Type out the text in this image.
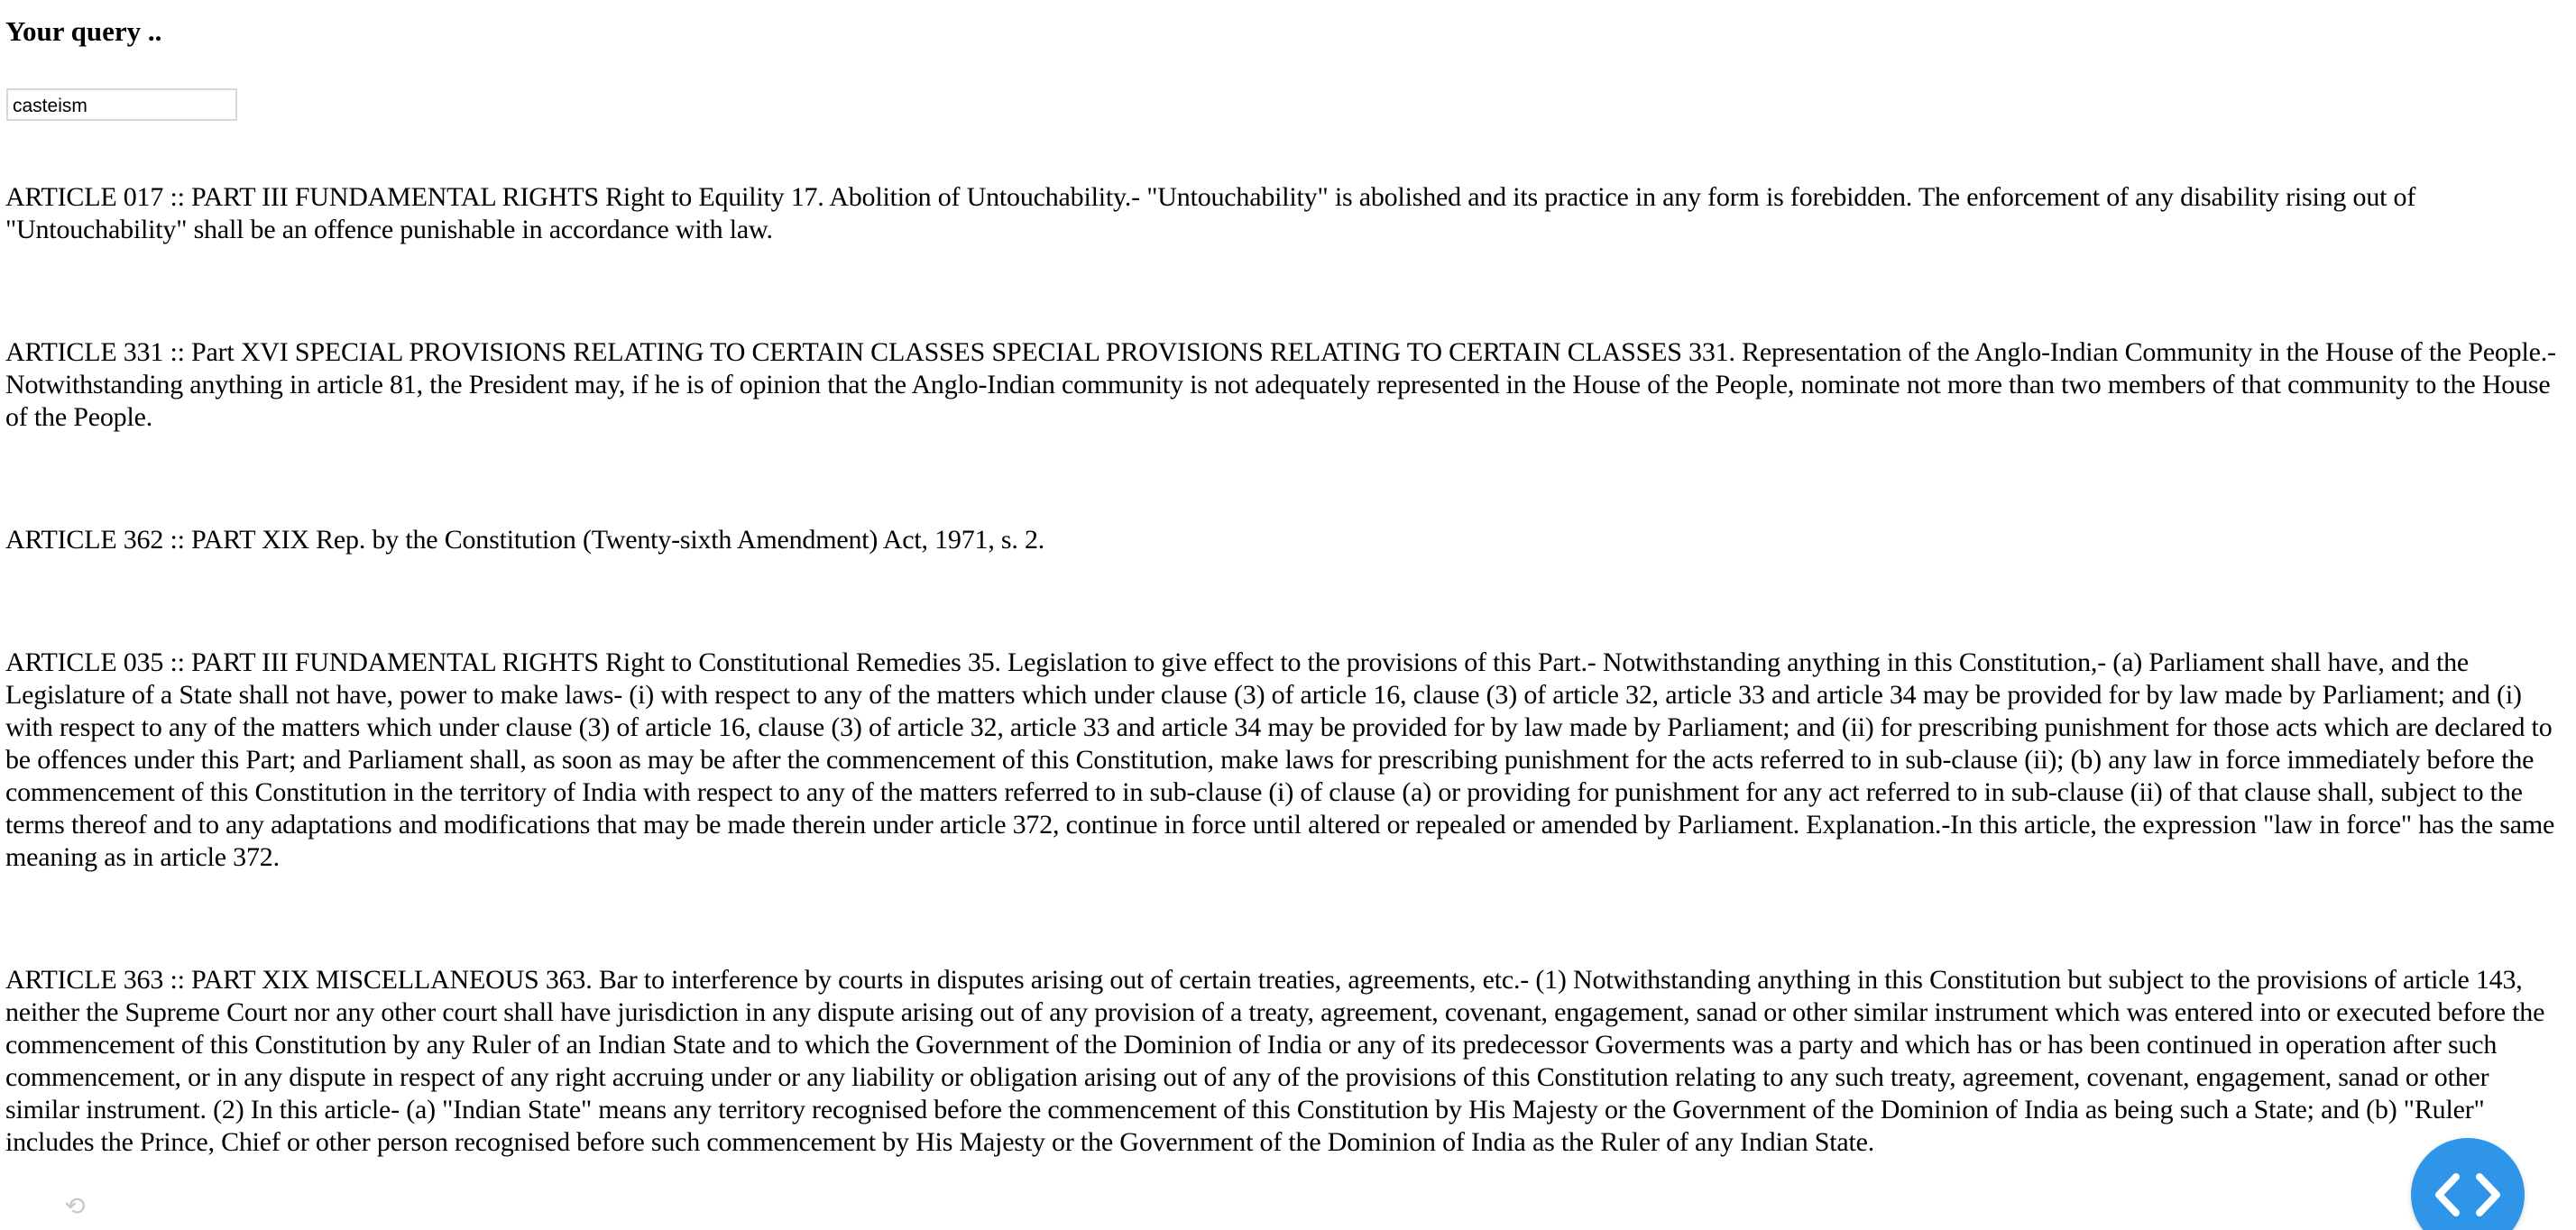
Your query ..
casteism

ARTICLE 017 :: PART III FUNDAMENTAL RIGHTS Right to Equility 17. Abolition of Untouchability.- "Untouchability" is abolished and its practice in any form is forebidden. The enforcement of any disability rising out of "Untouchability" shall be an offence punishable in accordance with law.

ARTICLE 331 :: Part XVI SPECIAL PROVISIONS RELATING TO CERTAIN CLASSES SPECIAL PROVISIONS RELATING TO CERTAIN CLASSES 331. Representation of the Anglo-Indian Community in the House of the People.- Notwithstanding anything in article 81, the President may, if he is of opinion that the Anglo-Indian community is not adequately represented in the House of the People, nominate not more than two members of that community to the House of the People.

ARTICLE 362 :: PART XIX Rep. by the Constitution (Twenty-sixth Amendment) Act, 1971, s. 2.

ARTICLE 035 :: PART III FUNDAMENTAL RIGHTS Right to Constitutional Remedies 35. Legislation to give effect to the provisions of this Part.- Notwithstanding anything in this Constitution,- (a) Parliament shall have, and the Legislature of a State shall not have, power to make laws- (i) with respect to any of the matters which under clause (3) of article 16, clause (3) of article 32, article 33 and article 34 may be provided for by law made by Parliament; and (i) with respect to any of the matters which under clause (3) of article 16, clause (3) of article 32, article 33 and article 34 may be provided for by law made by Parliament; and (ii) for prescribing punishment for those acts which are declared to be offences under this Part; and Parliament shall, as soon as may be after the commencement of this Constitution, make laws for prescribing punishment for the acts referred to in sub-clause (ii); (b) any law in force immediately before the commencement of this Constitution in the territory of India with respect to any of the matters referred to in sub-clause (i) of clause (a) or providing for punishment for any act referred to in sub-clause (ii) of that clause shall, subject to the terms thereof and to any adaptations and modifications that may be made therein under article 372, continue in force until altered or repealed or amended by Parliament. Explanation.-In this article, the expression "law in force" has the same meaning as in article 372.

ARTICLE 363 :: PART XIX MISCELLANEOUS 363. Bar to interference by courts in disputes arising out of certain treaties, agreements, etc.- (1) Notwithstanding anything in this Constitution but subject to the provisions of article 143, neither the Supreme Court nor any other court shall have jurisdiction in any dispute arising out of any provision of a treaty, agreement, covenant, engagement, sanad or other similar instrument which was entered into or executed before the commencement of this Constitution by any Ruler of an Indian State and to which the Government of the Dominion of India or any of its predecessor Goverments was a party and which has or has been continued in operation after such commencement, or in any dispute in respect of any right accruing under or any liability or obligation arising out of any of the provisions of this Constitution relating to any such treaty, agreement, covenant, engagement, sanad or other similar instrument. (2) In this article- (a) "Indian State" means any territory recognised before the commencement of this Constitution by His Majesty or the Government of the Dominion of India as being such a State; and (b) "Ruler" includes the Prince, Chief or other person recognised before such commencement by His Majesty or the Government of the Dominion of India as the Ruler of any Indian State.

⟲
